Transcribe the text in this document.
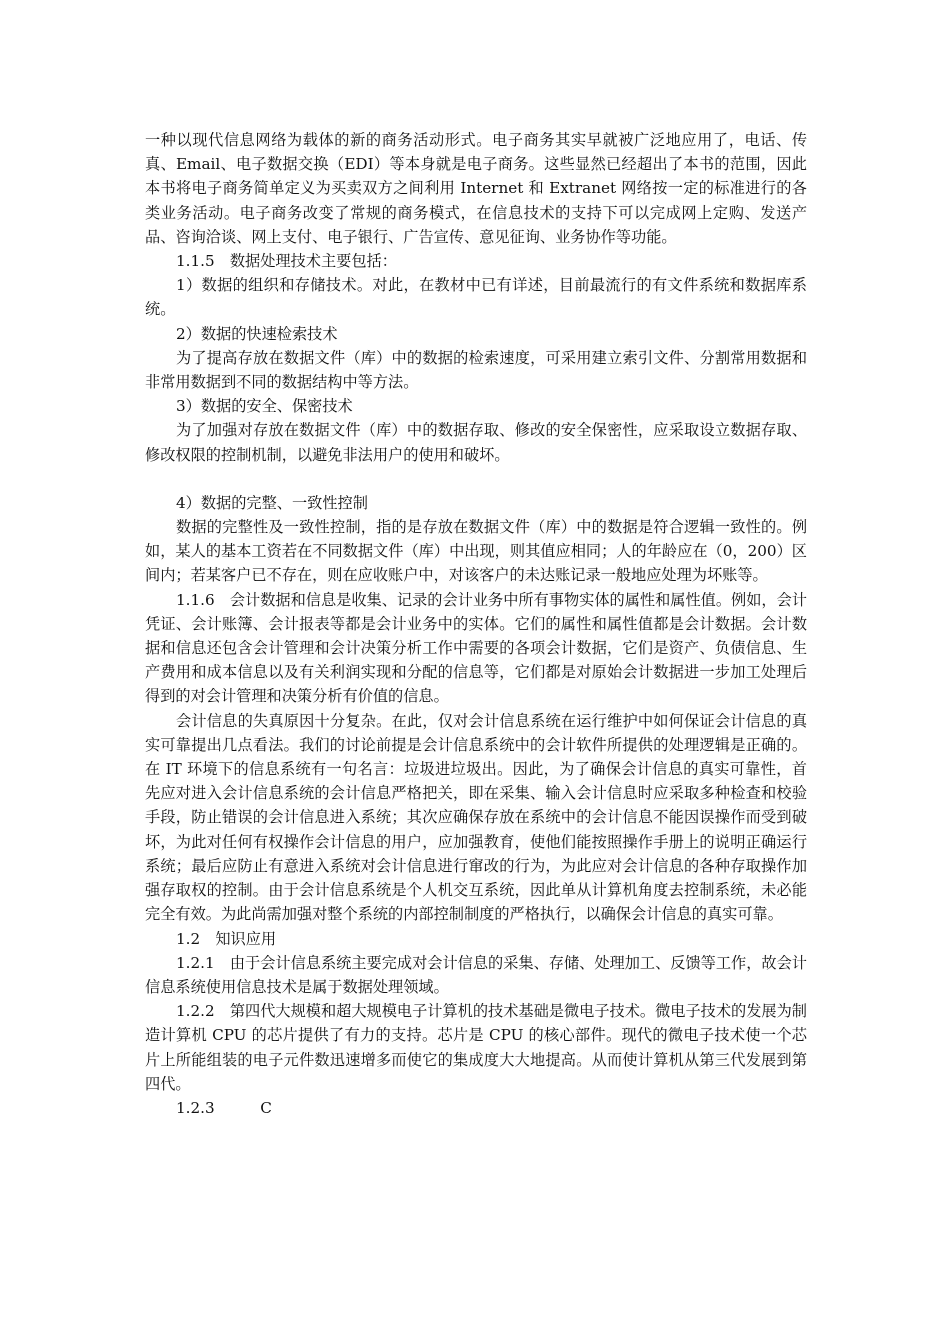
一种以现代信息网络为载体的新的商务活动形式。电子商务其实早就被广泛地应用了，电话、传真、Email、电子数据交换（EDI）等本身就是电子商务。这些显然已经超出了本书的范围，因此本书将电子商务简单定义为买卖双方之间利用 Internet 和 Extranet 网络按一定的标准进行的各类业务活动。电子商务改变了常规的商务模式，在信息技术的支持下可以完成网上定购、发送产品、咨询洽谈、网上支付、电子银行、广告宣传、意见征询、业务协作等功能。

1.1.5　数据处理技术主要包括：

1）数据的组织和存储技术。对此，在教材中已有详述，目前最流行的有文件系统和数据库系统。

2）数据的快速检索技术

为了提高存放在数据文件（库）中的数据的检索速度，可采用建立索引文件、分割常用数据和非常用数据到不同的数据结构中等方法。

3）数据的安全、保密技术

为了加强对存放在数据文件（库）中的数据存取、修改的安全保密性，应采取设立数据存取、修改权限的控制机制，以避免非法用户的使用和破坏。

4）数据的完整、一致性控制

数据的完整性及一致性控制，指的是存放在数据文件（库）中的数据是符合逻辑一致性的。例如，某人的基本工资若在不同数据文件（库）中出现，则其值应相同；人的年龄应在（0，200）区间内；若某客户已不存在，则在应收账户中，对该客户的未达账记录一般地应处理为坏账等。

1.1.6　会计数据和信息是收集、记录的会计业务中所有事物实体的属性和属性值。例如，会计凭证、会计账簿、会计报表等都是会计业务中的实体。它们的属性和属性值都是会计数据。会计数据和信息还包含会计管理和会计决策分析工作中需要的各项会计数据，它们是资产、负债信息、生产费用和成本信息以及有关利润实现和分配的信息等，它们都是对原始会计数据进一步加工处理后得到的对会计管理和决策分析有价值的信息。

会计信息的失真原因十分复杂。在此，仅对会计信息系统在运行维护中如何保证会计信息的真实可靠提出几点看法。我们的讨论前提是会计信息系统中的会计软件所提供的处理逻辑是正确的。在 IT 环境下的信息系统有一句名言：垃圾进垃圾出。因此，为了确保会计信息的真实可靠性，首先应对进入会计信息系统的会计信息严格把关，即在采集、输入会计信息时应采取多种检查和校验手段，防止错误的会计信息进入系统；其次应确保存放在系统中的会计信息不能因误操作而受到破坏，为此对任何有权操作会计信息的用户，应加强教育，使他们能按照操作手册上的说明正确运行系统；最后应防止有意进入系统对会计信息进行窜改的行为，为此应对会计信息的各种存取操作加强存取权的控制。由于会计信息系统是个人机交互系统，因此单从计算机角度去控制系统，未必能完全有效。为此尚需加强对整个系统的内部控制制度的严格执行，以确保会计信息的真实可靠。

1.2　知识应用

1.2.1　由于会计信息系统主要完成对会计信息的采集、存储、处理加工、反馈等工作，故会计信息系统使用信息技术是属于数据处理领域。

1.2.2　第四代大规模和超大规模电子计算机的技术基础是微电子技术。微电子技术的发展为制造计算机 CPU 的芯片提供了有力的支持。芯片是 CPU 的核心部件。现代的微电子技术使一个芯片上所能组装的电子元件数迅速增多而使它的集成度大大地提高。从而使计算机从第三代发展到第四代。

1.2.3　　　C
